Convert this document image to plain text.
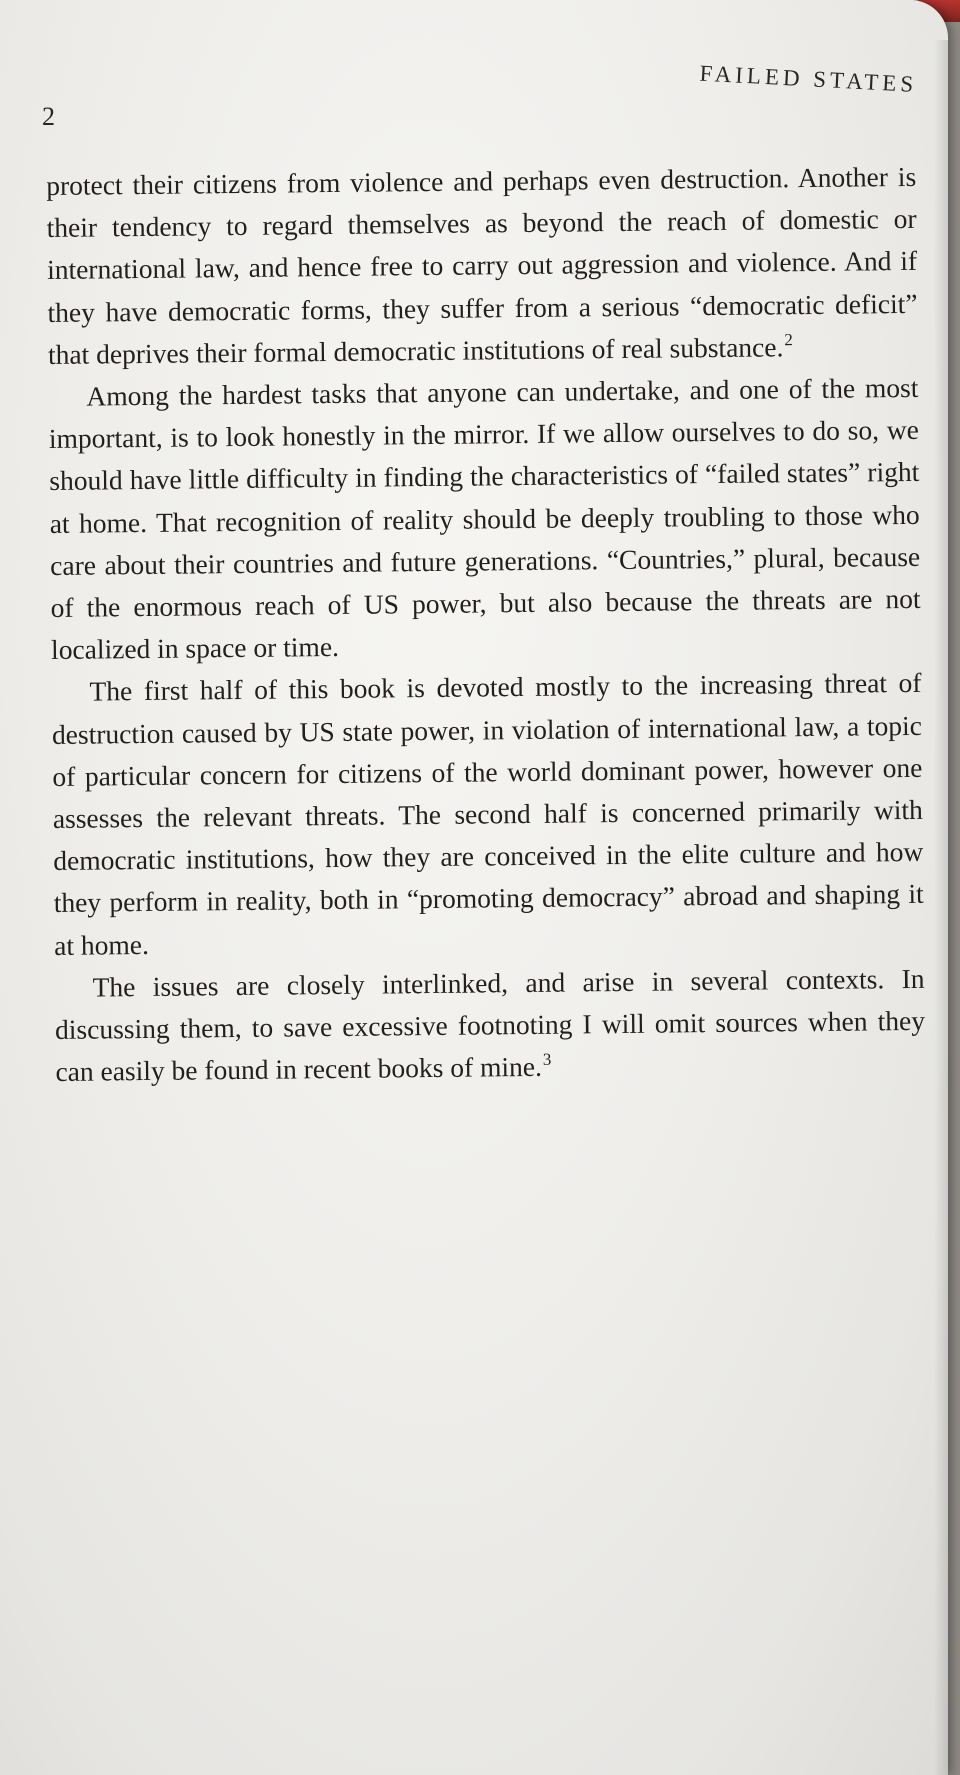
2
FAILED STATES

protect their citizens from violence and perhaps even destruction. Another is their tendency to regard themselves as beyond the reach of domestic or international law, and hence free to carry out aggression and violence. And if they have democratic forms, they suffer from a serious “democratic deficit” that deprives their formal democratic institutions of real substance.$^2$

Among the hardest tasks that anyone can undertake, and one of the most important, is to look honestly in the mirror. If we allow ourselves to do so, we should have little difficulty in finding the characteristics of “failed states” right at home. That recognition of reality should be deeply troubling to those who care about their countries and future generations. “Countries,” plural, because of the enormous reach of US power, but also because the threats are not localized in space or time.

The first half of this book is devoted mostly to the increasing threat of destruction caused by US state power, in violation of international law, a topic of particular concern for citizens of the world dominant power, however one assesses the relevant threats. The second half is concerned primarily with democratic institutions, how they are conceived in the elite culture and how they perform in reality, both in “promoting democracy” abroad and shaping it at home.

The issues are closely interlinked, and arise in several contexts. In discussing them, to save excessive footnoting I will omit sources when they can easily be found in recent books of mine.$^3$
